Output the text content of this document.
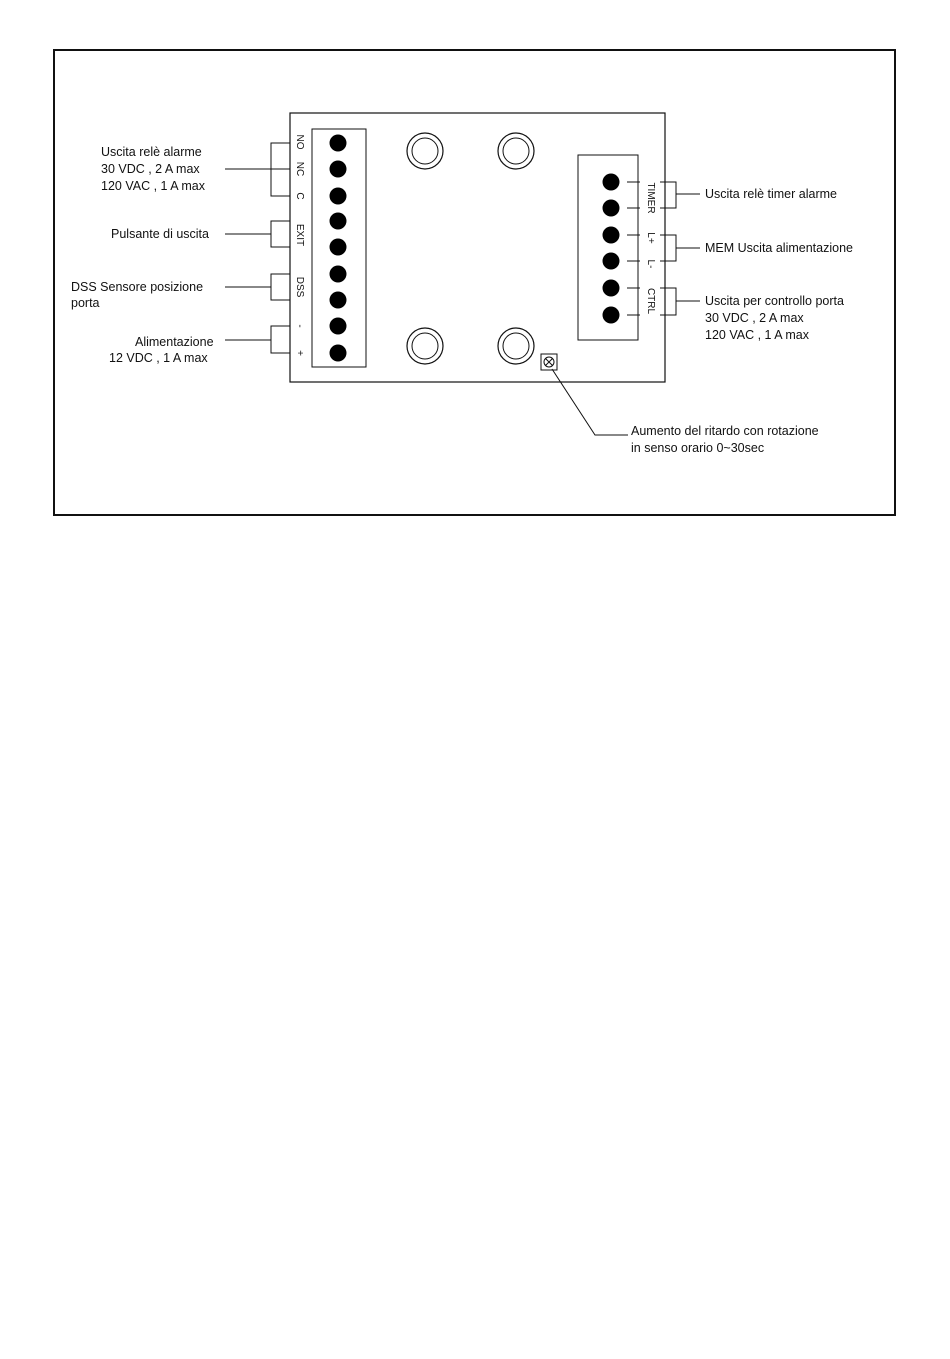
NO
NC
C
EXIT
DSS
-
+
TIMER
L+
L-
CTRL
Uscita relè alarme
30 VDC , 2 A max
120 VAC , 1 A max
Pulsante di uscita
DSS Sensore posizione
porta
Alimentazione
12 VDC , 1 A max
Uscita relè timer alarme
MEM Uscita alimentazione
Uscita per controllo porta
30 VDC , 2 A max
120 VAC , 1 A max
Aumento del ritardo con rotazione
in senso orario 0~30sec
